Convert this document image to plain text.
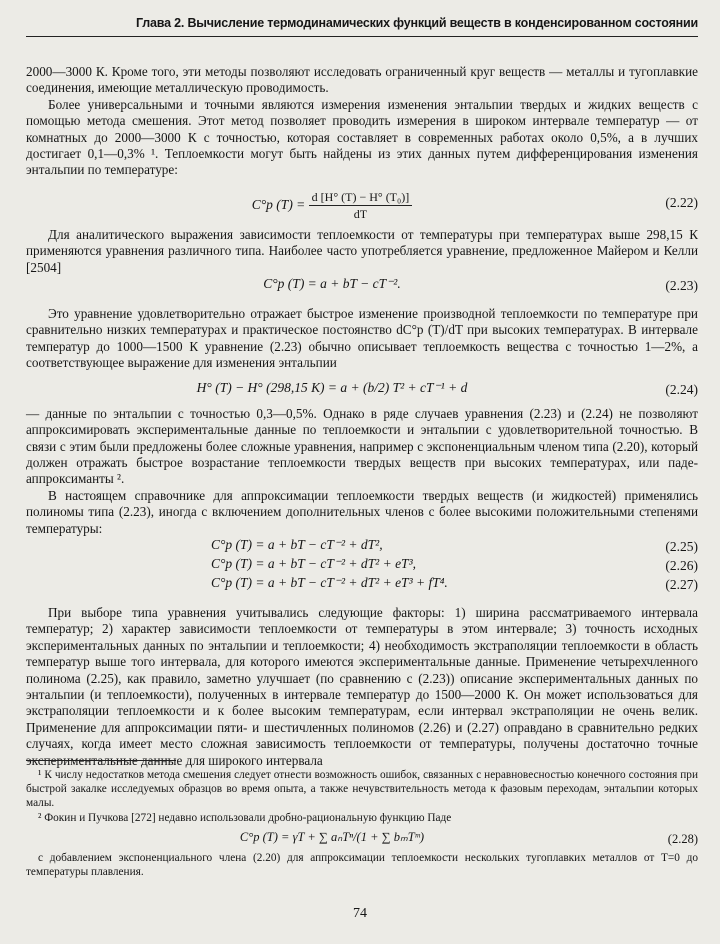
Глава 2. Вычисление термодинамических функций веществ в конденсированном состоянии

2000—3000 К. Кроме того, эти методы позволяют исследовать ограниченный круг веществ — металлы и тугоплавкие соединения, имеющие металлическую проводимость.

Более универсальными и точными являются измерения изменения энтальпии твердых и жидких веществ с помощью метода смешения. Этот метод позволяет проводить измерения в широком интервале температур — от комнатных до 2000—3000 К с точностью, которая составляет в современных работах около 0,5%, а в лучших достигает 0,1—0,3% ¹. Теплоемкости могут быть найдены из этих данных путем дифференцирования изменения энтальпии по температуре:

C°p $(T) = \frac{\text{d [H° (T) − H° (T₀)]}}{dT}$	(2.22)

Для аналитического выражения зависимости теплоемкости от температуры при температурах выше 298,15 К применяются уравнения различного типа. Наиболее часто употребляется уравнение, предложенное Майером и Келли [2504]

C°p (T) = a + bT − cT⁻².	(2.23)

Это уравнение удовлетворительно отражает быстрое изменение производной теплоемкости по температуре при сравнительно низких температурах и практическое постоянство dC°p (T)/dT при высоких температурах. В интервале температур до 1000—1500 К уравнение (2.23) обычно описывает теплоемкость вещества с точностью 1—2%, а соответствующее выражение для изменения энтальпии

H° (T) − H° (298,15 К) = a + (b/2) T² + cT⁻¹ + d	(2.24)

— данные по энтальпии с точностью 0,3—0,5%. Однако в ряде случаев уравнения (2.23) и (2.24) не позволяют аппроксимировать экспериментальные данные по теплоемкости и энтальпии с удовлетворительной точностью. В связи с этим были предложены более сложные уравнения, например с экспоненциальным членом типа (2.20), который должен отражать быстрое возрастание теплоемкости твердых веществ при высоких температурах, или паде-аппроксиманты ².

В настоящем справочнике для аппроксимации теплоемкости твердых веществ (и жидкостей) применялись полиномы типа (2.23), иногда с включением дополнительных членов с более высокими положительными степенями температуры:

C°p (T) = a + bT − cT⁻² + dT²,	(2.25)
C°p (T) = a + bT − cT⁻² + dT² + eT³,	(2.26)
C°p (T) = a + bT − cT⁻² + dT² + eT³ + fT⁴.	(2.27)

При выборе типа уравнения учитывались следующие факторы: 1) ширина рассматриваемого интервала температур; 2) характер зависимости теплоемкости от температуры в этом интервале; 3) точность исходных экспериментальных данных по энтальпии и теплоемкости; 4) необходимость экстраполяции теплоемкости в область температур выше того интервала, для которого имеются экспериментальные данные. Применение четырехчленного полинома (2.25), как правило, заметно улучшает (по сравнению с (2.23)) описание экспериментальных данных по энтальпии (и теплоемкости), полученных в интервале температур до 1500—2000 К. Он может использоваться для экстраполяции теплоемкости и к более высоким температурам, если интервал экстраполяции не очень велик. Применение для аппроксимации пяти- и шестичленных полиномов (2.26) и (2.27) оправдано в сравнительно редких случаях, когда имеет место сложная зависимость теплоемкости от температуры, получены достаточно точные экспериментальные данные для широкого интервала

¹ К числу недостатков метода смешения следует отнести возможность ошибок, связанных с неравновесностью конечного состояния при быстрой закалке исследуемых образцов во время опыта, а также нечувствительность метода к фазовым переходам, энтальпии которых малы.

² Фокин и Пучкова [272] недавно использовали дробно-рациональную функцию Паде

C°p (T) = γT + ∑ aₙTⁿ/(1 + ∑ bₘTᵐ)	(2.28)

с добавлением экспоненциального члена (2.20) для аппроксимации теплоемкости нескольких тугоплавких металлов от T=0 до температуры плавления.

74
